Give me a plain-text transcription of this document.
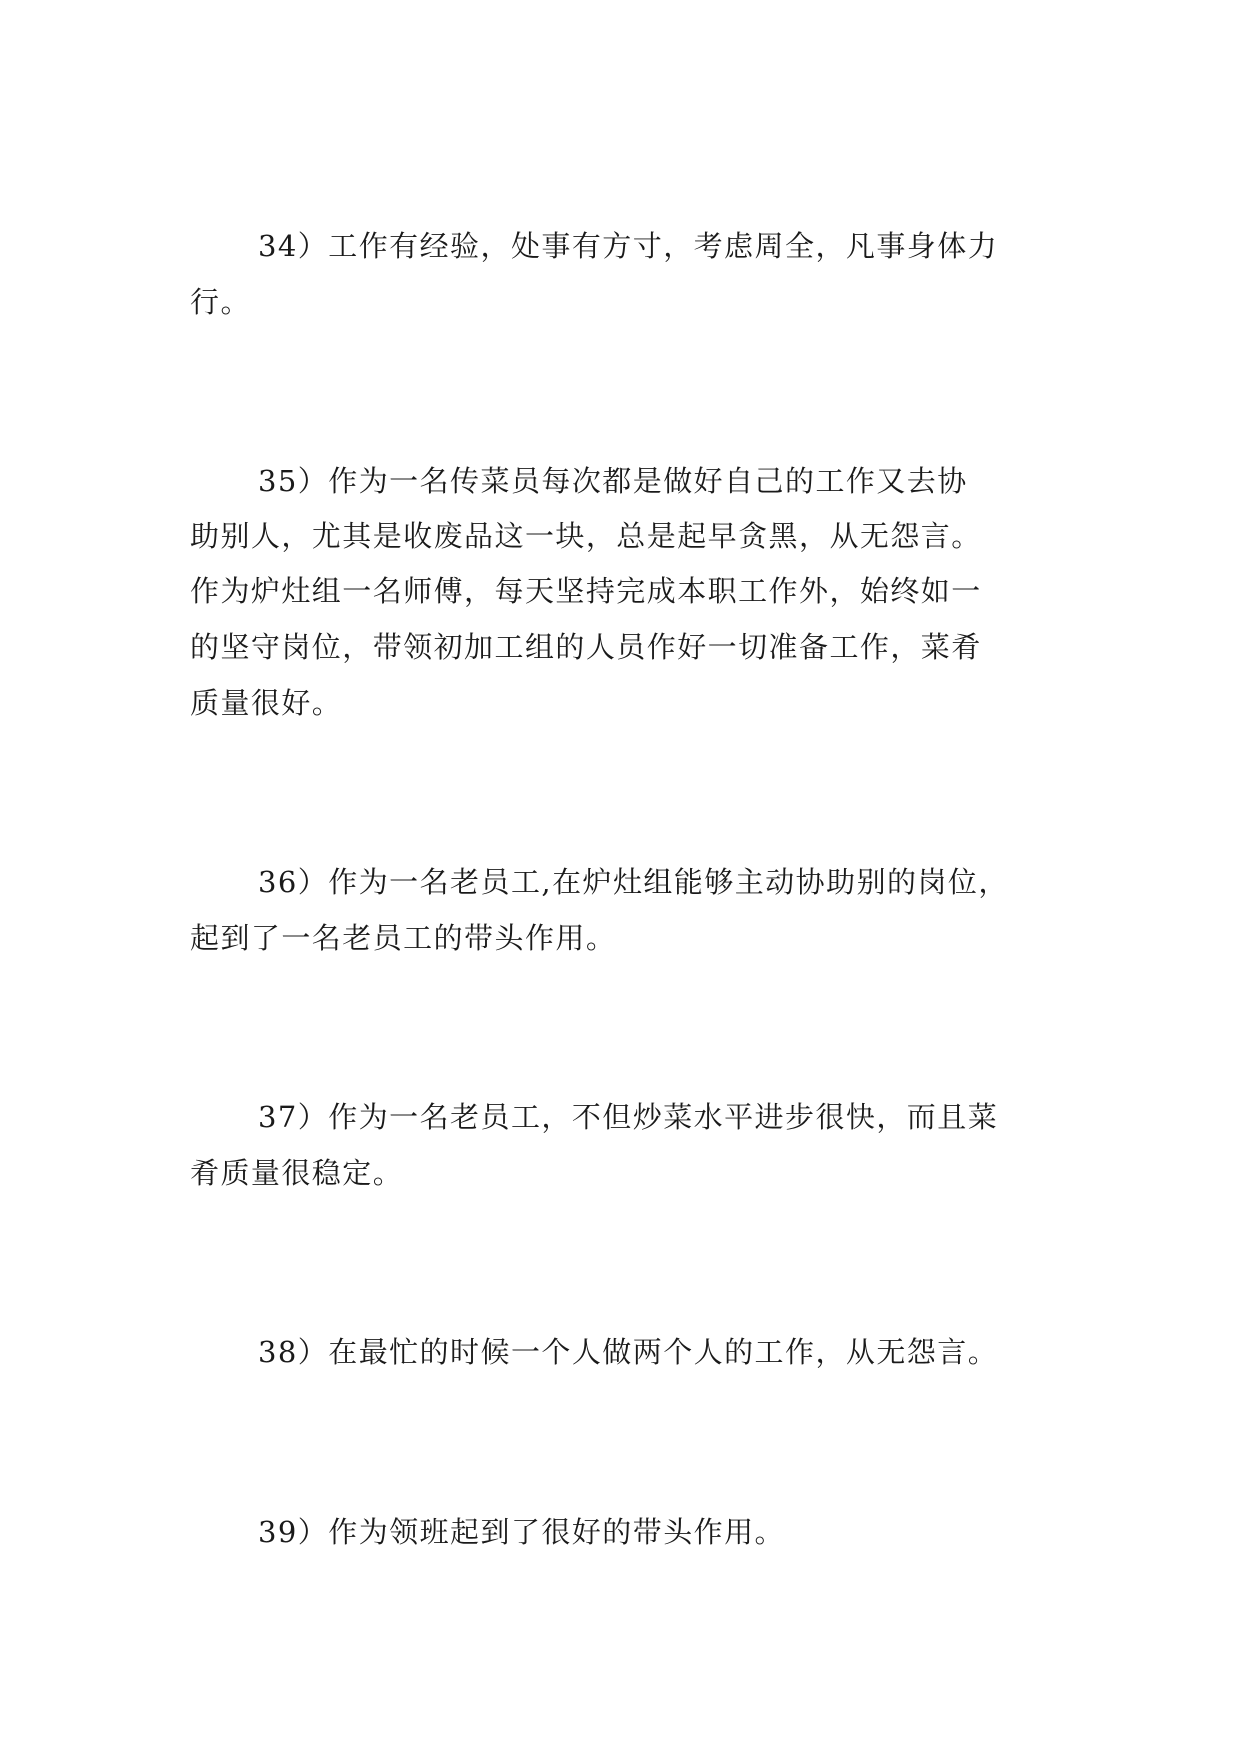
34）工作有经验，处事有方寸，考虑周全，凡事身体力
行。
35）作为一名传菜员每次都是做好自己的工作又去协
助别人，尤其是收废品这一块，总是起早贪黑，从无怨言。
作为炉灶组一名师傅，每天坚持完成本职工作外，始终如一
的坚守岗位，带领初加工组的人员作好一切准备工作，菜肴
质量很好。
36）作为一名老员工,在炉灶组能够主动协助别的岗位，
起到了一名老员工的带头作用。
37）作为一名老员工，不但炒菜水平进步很快，而且菜
肴质量很稳定。
38）在最忙的时候一个人做两个人的工作，从无怨言。
39）作为领班起到了很好的带头作用。
